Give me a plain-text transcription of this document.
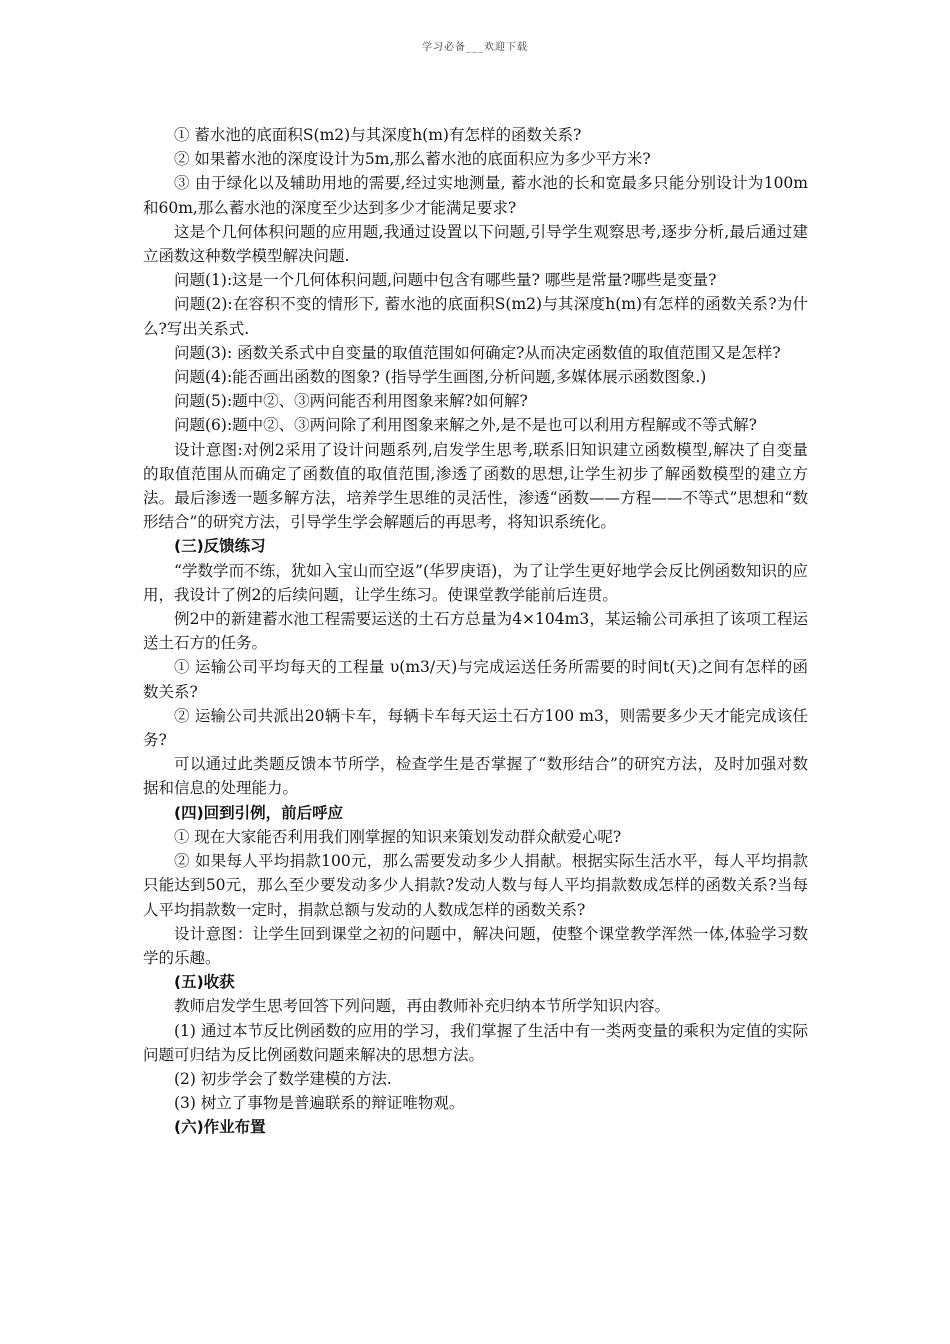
学习必备___欢迎下载

① 蓄水池的底面积S(m2)与其深度h(m)有怎样的函数关系?

② 如果蓄水池的深度设计为5m,那么蓄水池的底面积应为多少平方米?

③ 由于绿化以及辅助用地的需要,经过实地测量, 蓄水池的长和宽最多只能分别设计为100m和60m,那么蓄水池的深度至少达到多少才能满足要求?

这是个几何体积问题的应用题,我通过设置以下问题,引导学生观察思考,逐步分析,最后通过建立函数这种数学模型解决问题.

问题(1):这是一个几何体积问题,问题中包含有哪些量? 哪些是常量?哪些是变量?

问题(2):在容积不变的情形下, 蓄水池的底面积S(m2)与其深度h(m)有怎样的函数关系?为什么?写出关系式.

问题(3): 函数关系式中自变量的取值范围如何确定?从而决定函数值的取值范围又是怎样?

问题(4):能否画出函数的图象? (指导学生画图,分析问题,多媒体展示函数图象.)

问题(5):题中②、③两问能否利用图象来解?如何解?

问题(6):题中②、③两问除了利用图象来解之外,是不是也可以利用方程解或不等式解?

设计意图:对例2采用了设计问题系列,启发学生思考,联系旧知识建立函数模型,解决了自变量的取值范围从而确定了函数值的取值范围,渗透了函数的思想,让学生初步了解函数模型的建立方法。最后渗透一题多解方法，培养学生思维的灵活性，渗透“函数——方程——不等式”思想和“数形结合”的研究方法，引导学生学会解题后的再思考，将知识系统化。

(三)反馈练习

“学数学而不练，犹如入宝山而空返”(华罗庚语)，为了让学生更好地学会反比例函数知识的应用，我设计了例2的后续问题，让学生练习。使课堂教学能前后连贯。

例2中的新建蓄水池工程需要运送的土石方总量为4×104m3，某运输公司承担了该项工程运送土石方的任务。

① 运输公司平均每天的工程量 υ(m3/天)与完成运送任务所需要的时间t(天)之间有怎样的函数关系?

② 运输公司共派出20辆卡车，每辆卡车每天运土石方100 m3，则需要多少天才能完成该任务?

可以通过此类题反馈本节所学，检查学生是否掌握了“数形结合”的研究方法，及时加强对数据和信息的处理能力。

(四)回到引例，前后呼应

① 现在大家能否利用我们刚掌握的知识来策划发动群众献爱心呢?

② 如果每人平均捐款100元，那么需要发动多少人捐献。根据实际生活水平，每人平均捐款只能达到50元，那么至少要发动多少人捐款?发动人数与每人平均捐款数成怎样的函数关系?当每人平均捐款数一定时，捐款总额与发动的人数成怎样的函数关系?

设计意图：让学生回到课堂之初的问题中，解决问题，使整个课堂教学浑然一体,体验学习数学的乐趣。

(五)收获

教师启发学生思考回答下列问题，再由教师补充归纳本节所学知识内容。

(1) 通过本节反比例函数的应用的学习，我们掌握了生活中有一类两变量的乘积为定值的实际问题可归结为反比例函数问题来解决的思想方法。

(2) 初步学会了数学建模的方法.

(3) 树立了事物是普遍联系的辩证唯物观。

(六)作业布置
